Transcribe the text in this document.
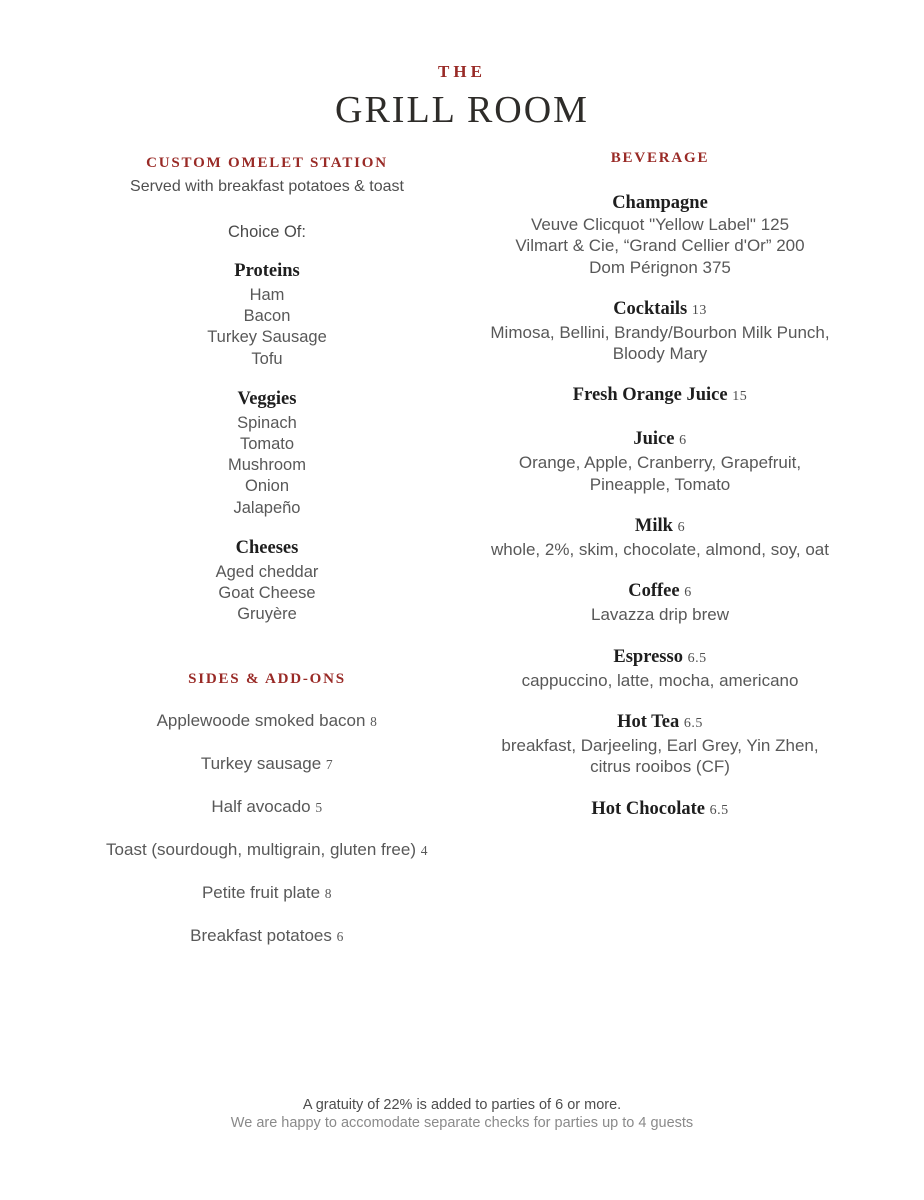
THE
GRILL ROOM
CUSTOM OMELET STATION

Served with breakfast potatoes & toast

Choice Of:

Proteins
Ham
Bacon
Turkey Sausage
Tofu
Veggies
Spinach
Tomato
Mushroom
Onion
Jalapeño
Cheeses
Aged cheddar
Goat Cheese
Gruyère
SIDES & ADD-ONS
Applewoode smoked bacon 8
Turkey sausage 7
Half avocado 5
Toast (sourdough, multigrain, gluten free) 4
Petite fruit plate 8
Breakfast potatoes 6
BEVERAGE
Champagne
Veuve Clicquot "Yellow Label" 125
Vilmart & Cie, “Grand Cellier d'Or” 200
Dom Pérignon 375
Cocktails 13
Mimosa, Bellini, Brandy/Bourbon Milk Punch,
Bloody Mary
Fresh Orange Juice 15
Juice 6
Orange, Apple, Cranberry, Grapefruit,
Pineapple, Tomato
Milk 6
whole, 2%, skim, chocolate, almond, soy, oat
Coffee 6
Lavazza drip brew
Espresso 6.5
cappuccino, latte, mocha, americano
Hot Tea 6.5
breakfast, Darjeeling, Earl Grey, Yin Zhen,
citrus rooibos (CF)
Hot Chocolate 6.5

A gratuity of 22% is added to parties of 6 or more.

We are happy to accomodate separate checks for parties up to 4 guests
